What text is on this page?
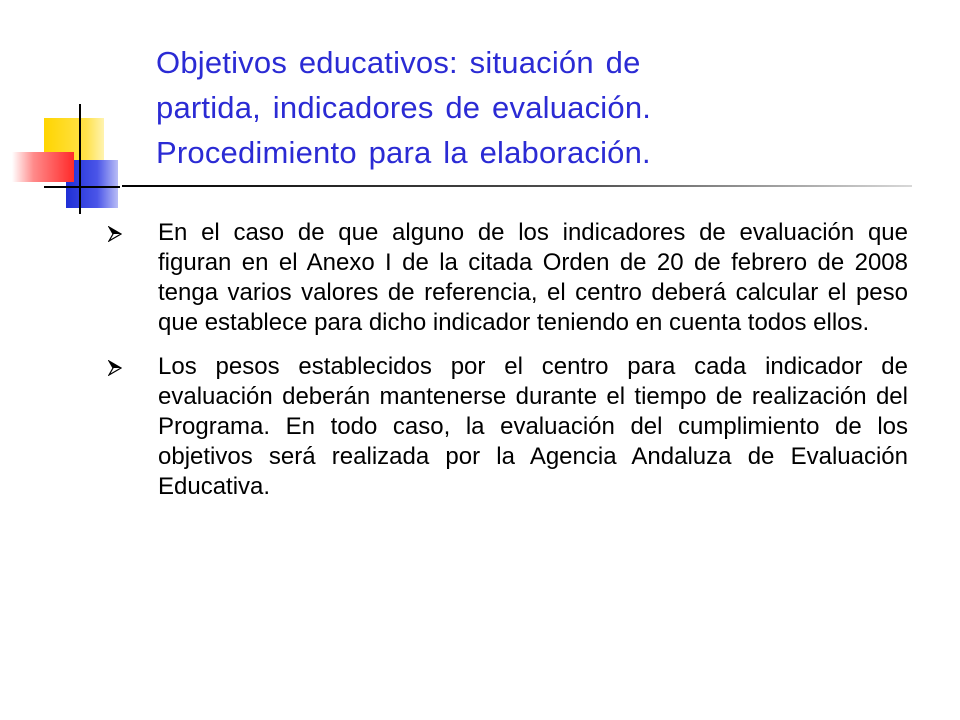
Objetivos educativos: situación de
partida, indicadores de evaluación.
Procedimiento para la elaboración.
En el caso de que alguno de los indicadores de evaluación que figuran en el Anexo I de la citada Orden de 20 de febrero de 2008 tenga varios valores de referencia, el centro deberá calcular el peso que establece para dicho indicador teniendo en cuenta todos ellos.
Los pesos establecidos por el centro para cada indicador de evaluación deberán mantenerse durante el tiempo de realización del Programa. En todo caso, la evaluación del cumplimiento de los objetivos será realizada por la Agencia Andaluza de Evaluación Educativa.
